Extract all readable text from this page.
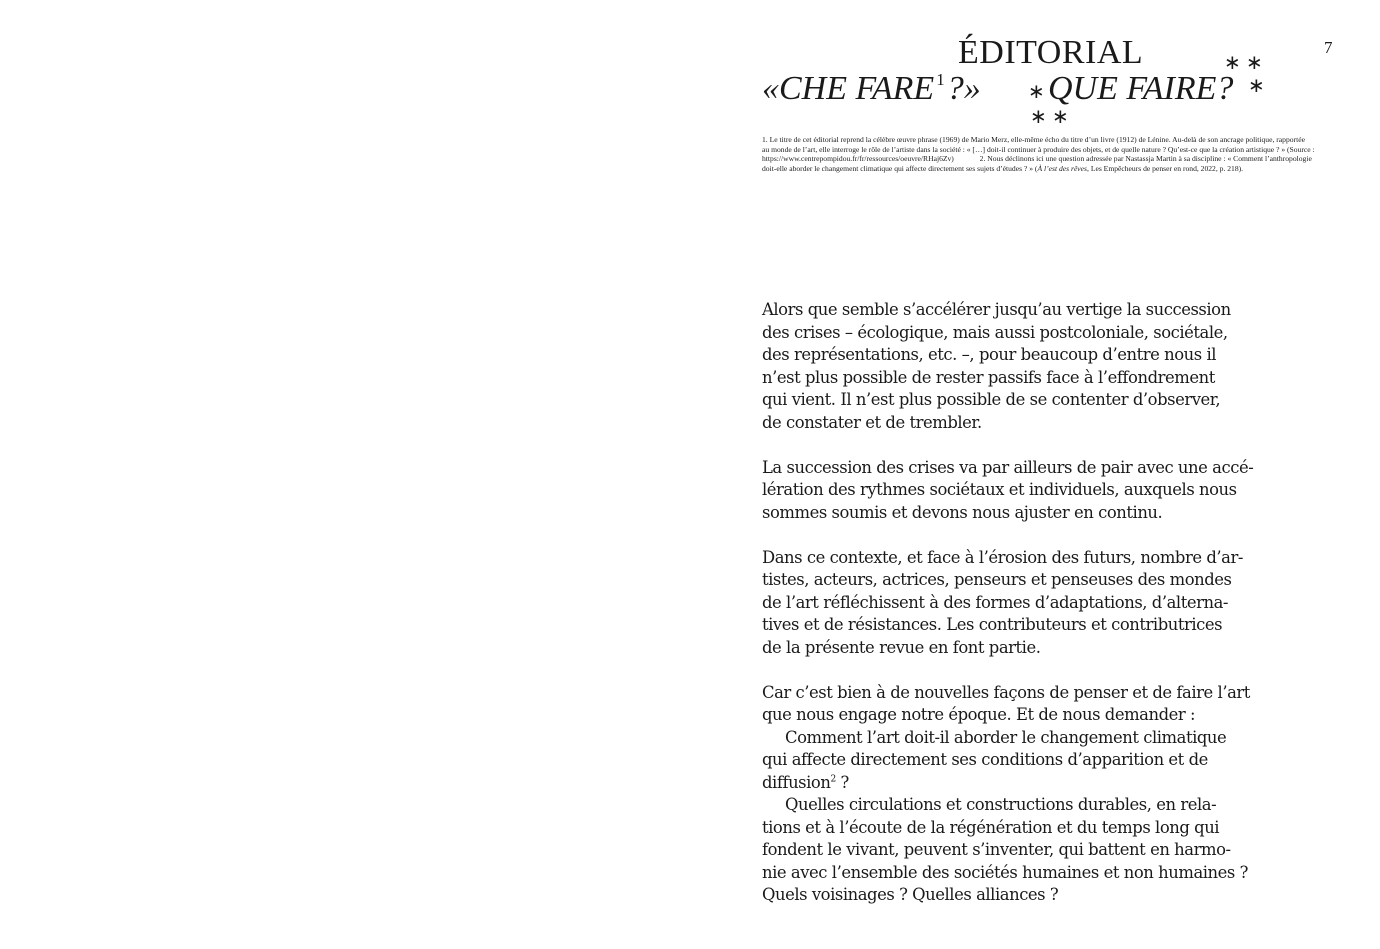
7
ÉDITORIAL
«CHE FARE $^1$?» QUE FAIRE?
∗ ∗
∗	∗
∗ ∗
1. Le titre de cet éditorial reprend la célèbre œuvre phrase (1969) de Mario Merz, elle-même écho du titre d’un livre (1912) de Lénine. Au-delà de son ancrage politique, rapportée
au monde de l’art, elle interroge le rôle de l’artiste dans la société : « […] doit-il continuer à produire des objets, et de quelle nature ? Qu’est-ce que la création artistique ? » (Source :
https://www.centrepompidou.fr/fr/ressources/oeuvre/RHaj6Zv)	2. Nous déclinons ici une question adressée par Nastassja Martin à sa discipline : « Comment l’anthropologie
doit-elle aborder le changement climatique qui affecte directement ses sujets d’études ? » (À l’est des rêves, Les Empêcheurs de penser en rond, 2022, p. 218).

Alors que semble s’accélérer jusqu’au vertige la succession
des crises – écologique, mais aussi postcoloniale, sociétale,
des représentations, etc. –, pour beaucoup d’entre nous il
n’est plus possible de rester passifs face à l’effondrement
qui vient. Il n’est plus possible de se contenter d’observer,
de constater et de trembler.

La succession des crises va par ailleurs de pair avec une accé-
lération des rythmes sociétaux et individuels, auxquels nous
sommes soumis et devons nous ajuster en continu.

Dans ce contexte, et face à l’érosion des futurs, nombre d’ar-
tistes, acteurs, actrices, penseurs et penseuses des mondes
de l’art réfléchissent à des formes d’adaptations, d’alterna-
tives et de résistances. Les contributeurs et contributrices
de la présente revue en font partie.

Car c’est bien à de nouvelles façons de penser et de faire l’art
que nous engage notre époque. Et de nous demander :
Comment l’art doit-il aborder le changement climatique
qui affecte directement ses conditions d’apparition et de
diffusion$^2$ ?
Quelles circulations et constructions durables, en rela-
tions et à l’écoute de la régénération et du temps long qui
fondent le vivant, peuvent s’inventer, qui battent en harmo-
nie avec l’ensemble des sociétés humaines et non humaines ?
Quels voisinages ? Quelles alliances ?
